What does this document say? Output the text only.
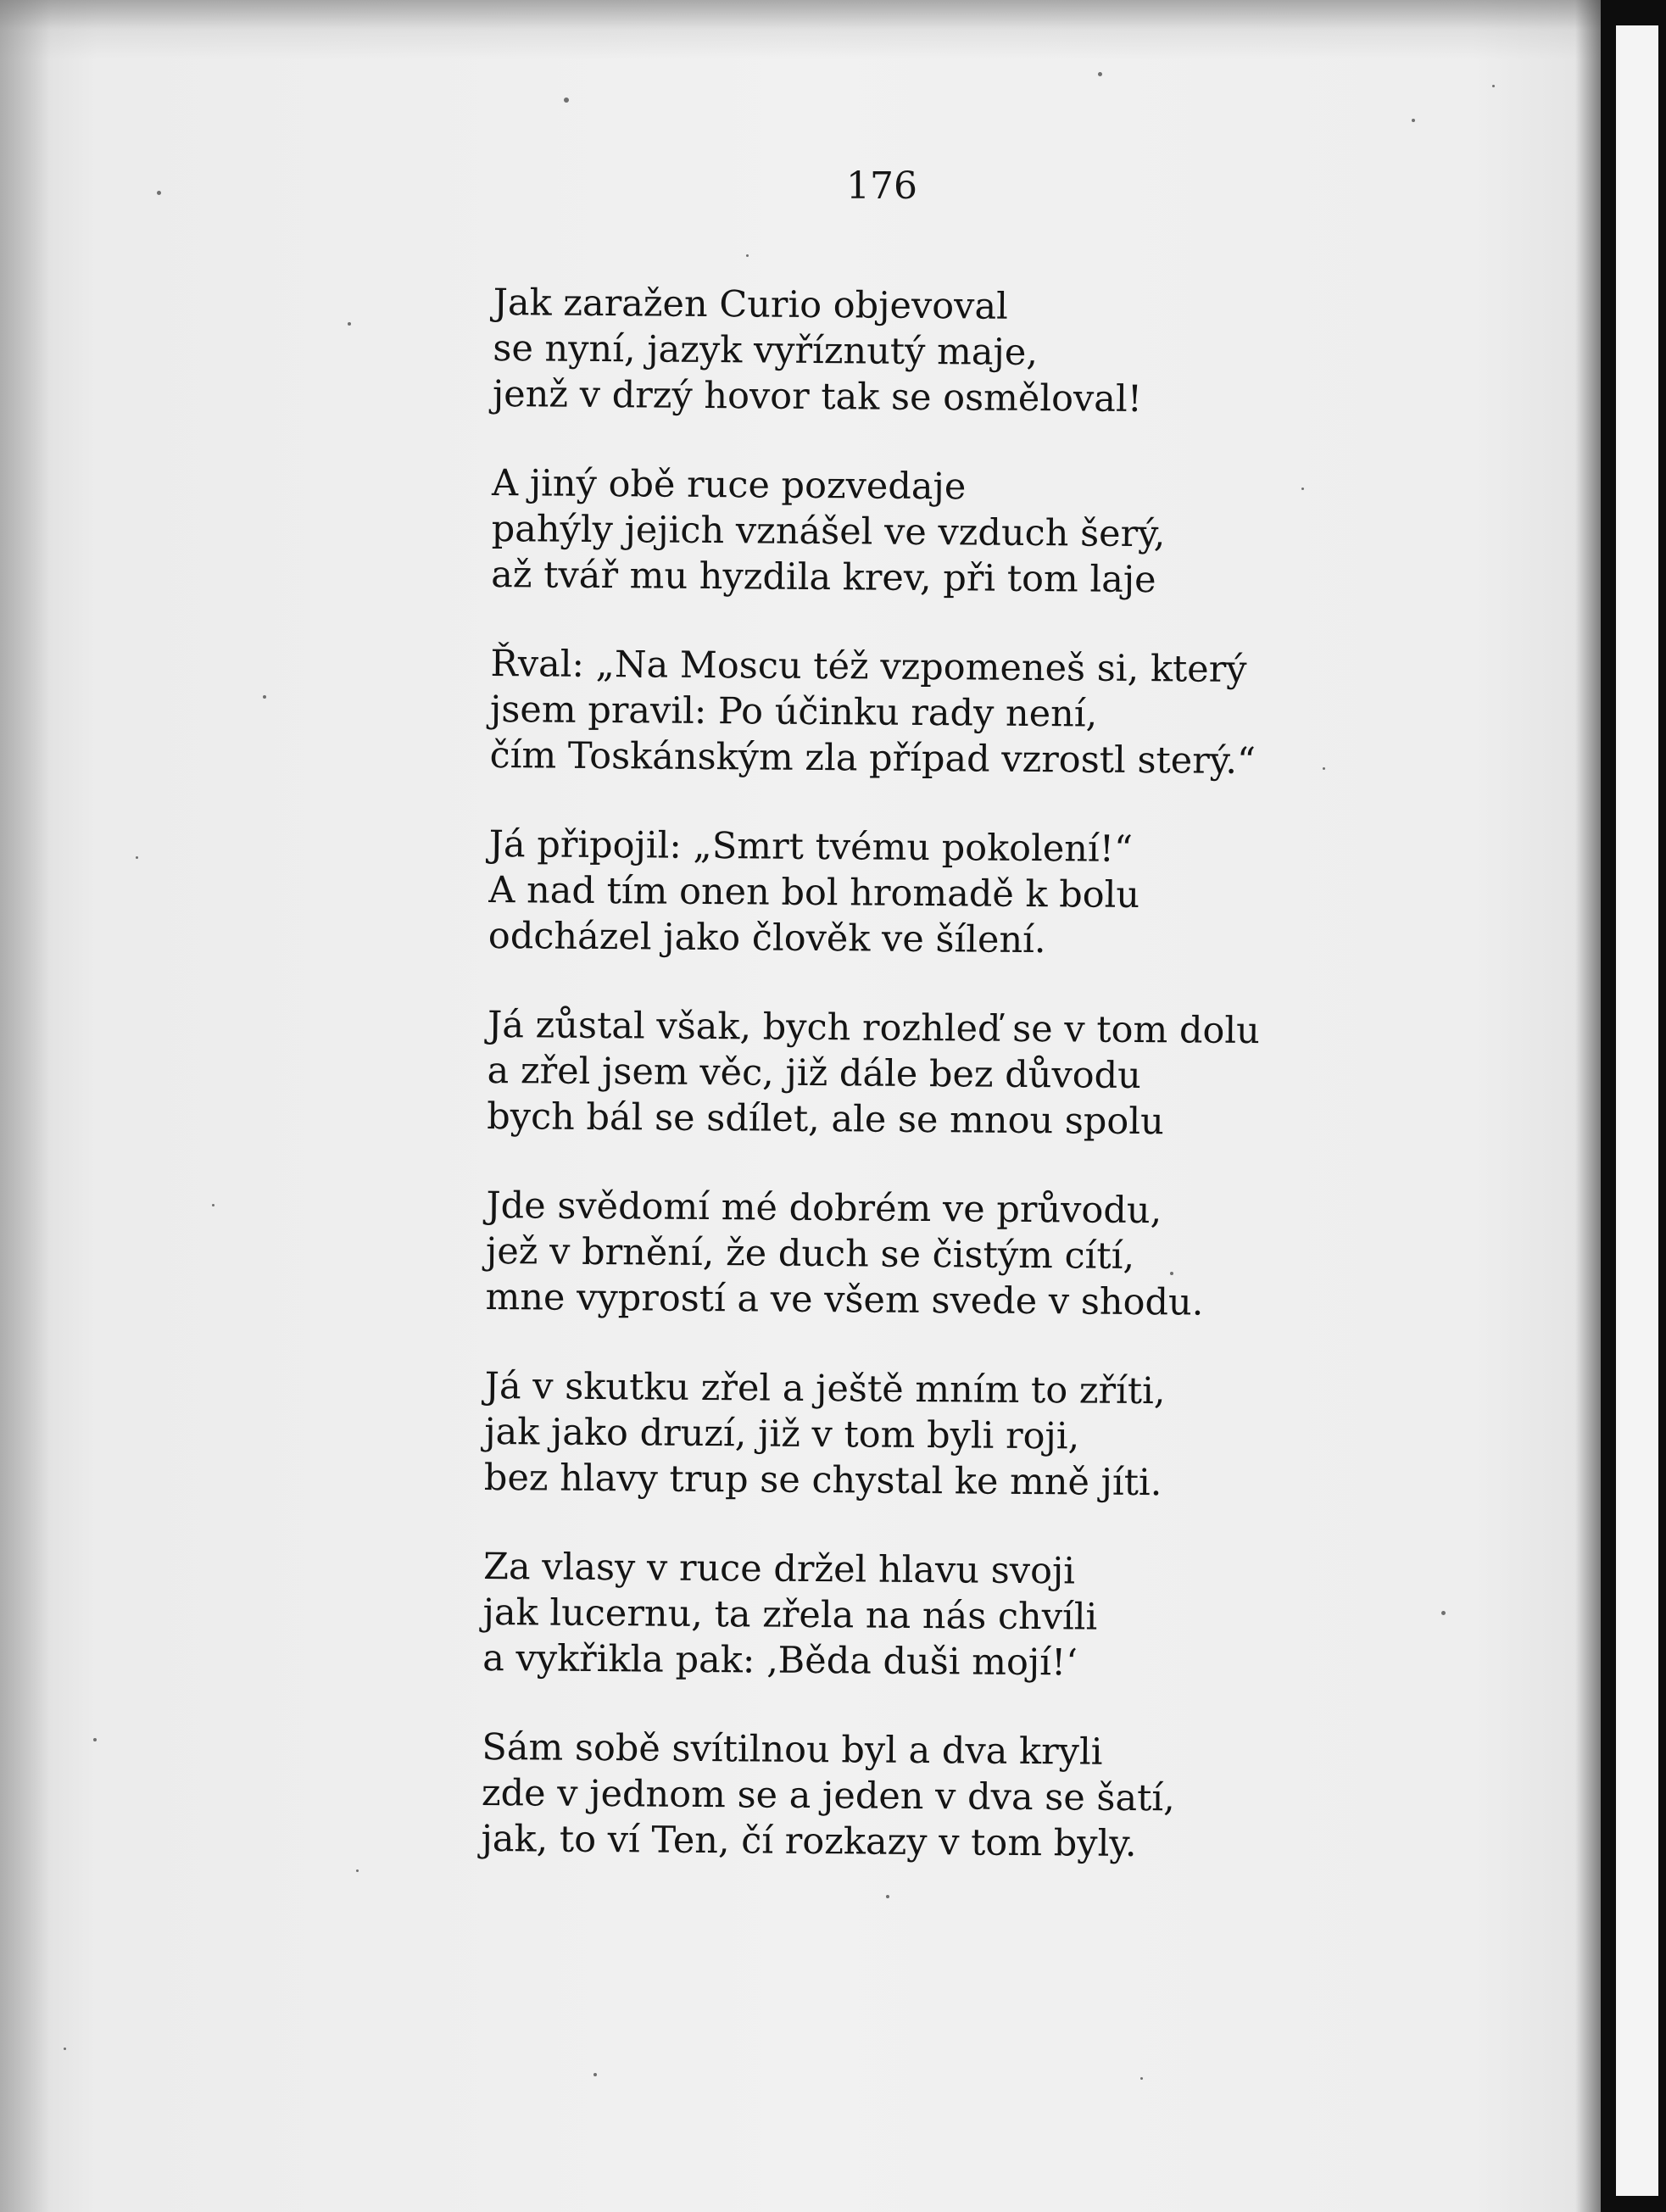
176
Jak zaražen Curio objevoval
se nyní, jazyk vyříznutý maje,
jenž v drzý hovor tak se osměloval!
A jiný obě ruce pozvedaje
pahýly jejich vznášel ve vzduch šerý,
až tvář mu hyzdila krev, při tom laje
Řval: „Na Moscu též vzpomeneš si, který
jsem pravil: Po účinku rady není,
čím Toskánským zla případ vzrostl sterý.“
Já připojil: „Smrt tvému pokolení!“
A nad tím onen bol hromadě k bolu
odcházel jako člověk ve šílení.
Já zůstal však, bych rozhleď se v tom dolu
a zřel jsem věc, již dále bez důvodu
bych bál se sdílet, ale se mnou spolu
Jde svědomí mé dobrém ve průvodu,
jež v brnění, že duch se čistým cítí,
mne vyprostí a ve všem svede v shodu.
Já v skutku zřel a ještě mním to zříti,
jak jako druzí, již v tom byli roji,
bez hlavy trup se chystal ke mně jíti.
Za vlasy v ruce držel hlavu svoji
jak lucernu, ta zřela na nás chvíli
a vykřikla pak: ‚Běda duši mojí!‘
Sám sobě svítilnou byl a dva kryli
zde v jednom se a jeden v dva se šatí,
jak, to ví Ten, čí rozkazy v tom byly.
